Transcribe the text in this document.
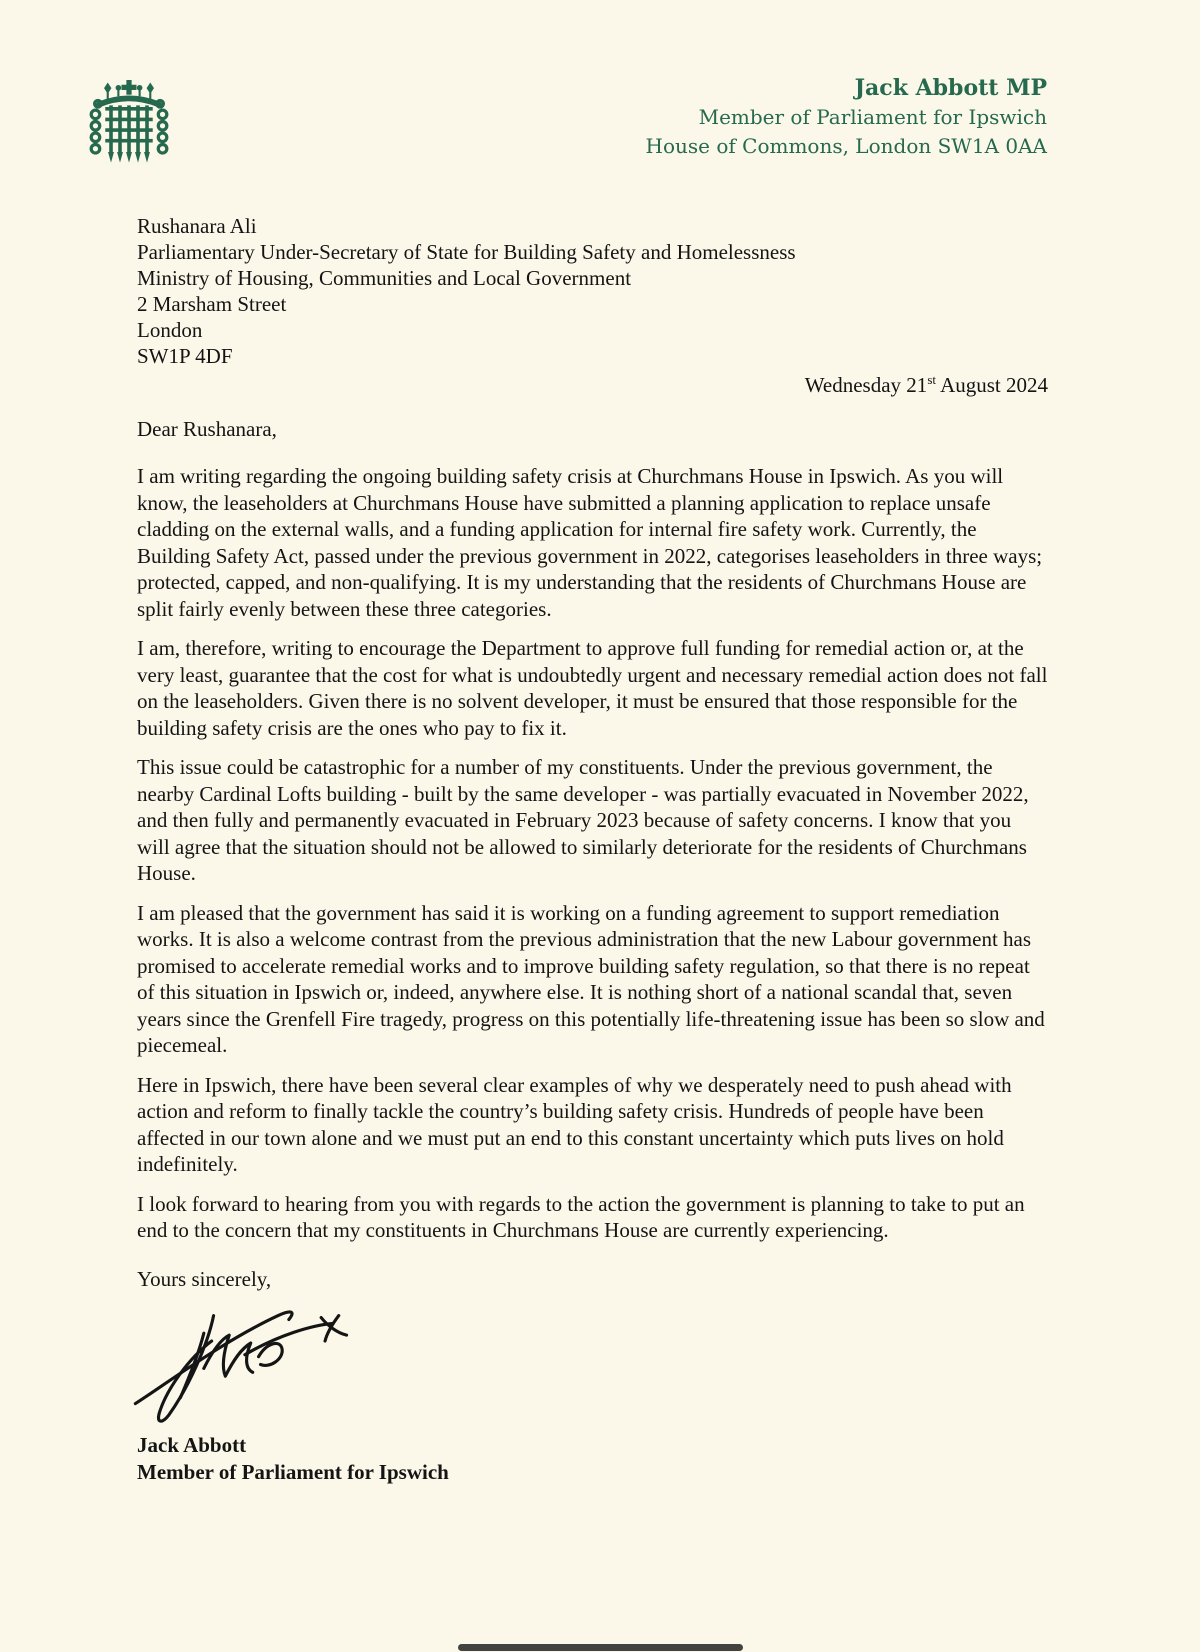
Jack Abbott MP
Member of Parliament for Ipswich
House of Commons, London SW1A 0AA
Rushanara Ali
Parliamentary Under-Secretary of State for Building Safety and Homelessness
Ministry of Housing, Communities and Local Government
2 Marsham Street
London
SW1P 4DF
Wednesday 21st August 2024
Dear Rushanara,

I am writing regarding the ongoing building safety crisis at Churchmans House in Ipswich. As you will know, the leaseholders at Churchmans House have submitted a planning application to replace unsafe cladding on the external walls, and a funding application for internal fire safety work. Currently, the Building Safety Act, passed under the previous government in 2022, categorises leaseholders in three ways; protected, capped, and non-qualifying. It is my understanding that the residents of Churchmans House are split fairly evenly between these three categories.

I am, therefore, writing to encourage the Department to approve full funding for remedial action or, at the very least, guarantee that the cost for what is undoubtedly urgent and necessary remedial action does not fall on the leaseholders. Given there is no solvent developer, it must be ensured that those responsible for the building safety crisis are the ones who pay to fix it.

This issue could be catastrophic for a number of my constituents. Under the previous government, the nearby Cardinal Lofts building - built by the same developer - was partially evacuated in November 2022, and then fully and permanently evacuated in February 2023 because of safety concerns. I know that you will agree that the situation should not be allowed to similarly deteriorate for the residents of Churchmans House.

I am pleased that the government has said it is working on a funding agreement to support remediation works. It is also a welcome contrast from the previous administration that the new Labour government has promised to accelerate remedial works and to improve building safety regulation, so that there is no repeat of this situation in Ipswich or, indeed, anywhere else. It is nothing short of a national scandal that, seven years since the Grenfell Fire tragedy, progress on this potentially life-threatening issue has been so slow and piecemeal.

Here in Ipswich, there have been several clear examples of why we desperately need to push ahead with action and reform to finally tackle the country’s building safety crisis. Hundreds of people have been affected in our town alone and we must put an end to this constant uncertainty which puts lives on hold indefinitely.

I look forward to hearing from you with regards to the action the government is planning to take to put an end to the concern that my constituents in Churchmans House are currently experiencing.

Yours sincerely,
Jack Abbott
Member of Parliament for Ipswich
